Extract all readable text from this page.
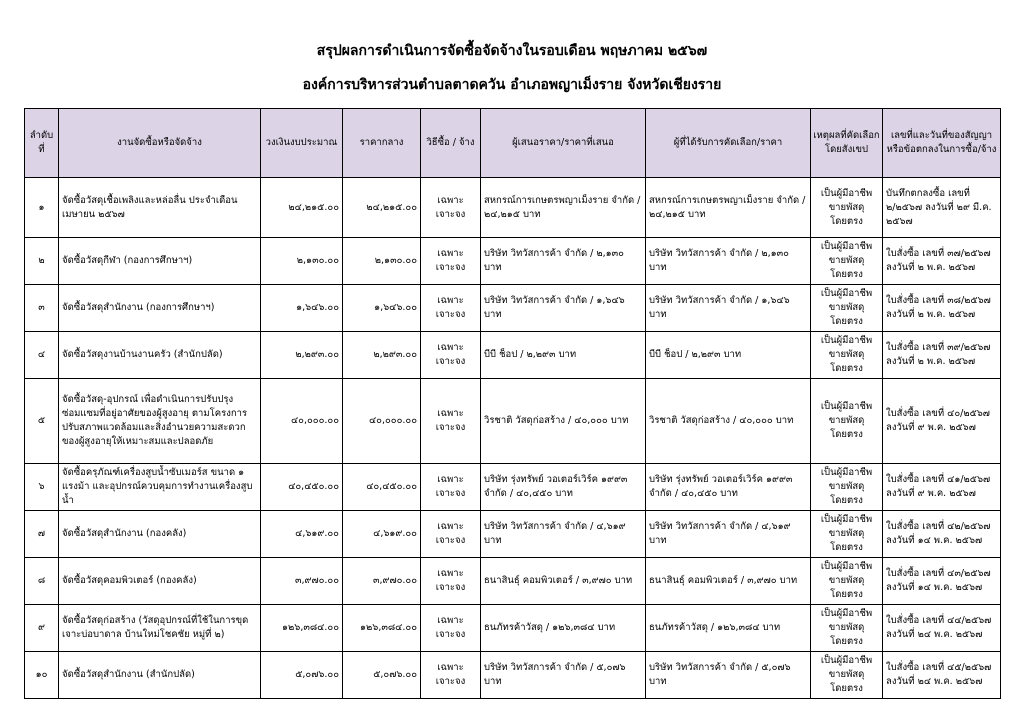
สรุปผลการดำเนินการจัดซื้อจัดจ้างในรอบเดือน พฤษภาคม ๒๕๖๗
องค์การบริหารส่วนตำบลตาดควัน อำเภอพญาเม็งราย จังหวัดเชียงราย
ลำดับที่	งานจัดซื้อหรือจัดจ้าง	วงเงินงบประมาณ	ราคากลาง	วิธีซื้อ / จ้าง	ผู้เสนอราคา/ราคาที่เสนอ	ผู้ที่ได้รับการคัดเลือก/ราคา	เหตุผลที่คัดเลือกโดยสังเขป	เลขที่และวันที่ของสัญญาหรือข้อตกลงในการซื้อ/จ้าง
๑	จัดซื้อวัสดุเชื้อเพลิงและหล่อลื่น ประจำเดือน เมษายน ๒๕๖๗	๒๔,๒๑๕.๐๐	๒๔,๒๑๕.๐๐	เฉพาะเจาะจง	สหกรณ์การเกษตรพญาเม็งราย จำกัด / ๒๔,๒๑๕ บาท	สหกรณ์การเกษตรพญาเม็งราย จำกัด / ๒๔,๒๑๕ บาท	เป็นผู้มีอาชีพขายพัสดุโดยตรง	บันทึกตกลงซื้อ เลขที่ ๒/๒๕๖๗ ลงวันที่ ๒๙ มี.ค. ๒๕๖๗
๒	จัดซื้อวัสดุกีฬา (กองการศึกษาฯ)	๒,๑๓๐.๐๐	๒,๑๓๐.๐๐	เฉพาะเจาะจง	บริษัท วิทวัสการค้า จำกัด / ๒,๑๓๐ บาท	บริษัท วิทวัสการค้า จำกัด / ๒,๑๓๐ บาท	เป็นผู้มีอาชีพขายพัสดุโดยตรง	ใบสั่งซื้อ เลขที่ ๓๗/๒๕๖๗ ลงวันที่ ๒ พ.ค. ๒๕๖๗
๓	จัดซื้อวัสดุสำนักงาน (กองการศึกษาฯ)	๑,๖๔๖.๐๐	๑,๖๔๖.๐๐	เฉพาะเจาะจง	บริษัท วิทวัสการค้า จำกัด / ๑,๖๔๖ บาท	บริษัท วิทวัสการค้า จำกัด / ๑,๖๔๖ บาท	เป็นผู้มีอาชีพขายพัสดุโดยตรง	ใบสั่งซื้อ เลขที่ ๓๘/๒๕๖๗ ลงวันที่ ๒ พ.ค. ๒๕๖๗
๔	จัดซื้อวัสดุงานบ้านงานครัว (สำนักปลัด)	๒,๒๙๓.๐๐	๒,๒๙๓.๐๐	เฉพาะเจาะจง	บีบี ช็อป / ๒,๒๙๓ บาท	บีบี ช็อป / ๒,๒๙๓ บาท	เป็นผู้มีอาชีพขายพัสดุโดยตรง	ใบสั่งซื้อ เลขที่ ๓๙/๒๕๖๗ ลงวันที่ ๒ พ.ค. ๒๕๖๗
๕	จัดซื้อวัสดุ-อุปกรณ์ เพื่อดำเนินการปรับปรุงซ่อมแซมที่อยู่อาศัยของผู้สูงอายุ ตามโครงการปรับสภาพแวดล้อมและสิ่งอำนวยความสะดวกของผู้สูงอายุให้เหมาะสมและปลอดภัย	๔๐,๐๐๐.๐๐	๔๐,๐๐๐.๐๐	เฉพาะเจาะจง	วิรชาติ วัสดุก่อสร้าง / ๔๐,๐๐๐ บาท	วิรชาติ วัสดุก่อสร้าง / ๔๐,๐๐๐ บาท	เป็นผู้มีอาชีพขายพัสดุโดยตรง	ใบสั่งซื้อ เลขที่ ๔๐/๒๕๖๗ ลงวันที่ ๙ พ.ค. ๒๕๖๗
๖	จัดซื้อครุภัณฑ์เครื่องสูบน้ำซับเมอร์ส ขนาด ๑ แรงม้า และอุปกรณ์ควบคุมการทำงานเครื่องสูบน้ำ	๔๐,๔๕๐.๐๐	๔๐,๔๕๐.๐๐	เฉพาะเจาะจง	บริษัท รุ่งทรัพย์ วอเตอร์เวิร์ค ๑๙๙๓ จำกัด / ๔๐,๔๕๐ บาท	บริษัท รุ่งทรัพย์ วอเตอร์เวิร์ค ๑๙๙๓ จำกัด / ๔๐,๔๕๐ บาท	เป็นผู้มีอาชีพขายพัสดุโดยตรง	ใบสั่งซื้อ เลขที่ ๔๑/๒๕๖๗ ลงวันที่ ๙ พ.ค. ๒๕๖๗
๗	จัดซื้อวัสดุสำนักงาน (กองคลัง)	๔,๖๑๙.๐๐	๔,๖๑๙.๐๐	เฉพาะเจาะจง	บริษัท วิทวัสการค้า จำกัด / ๔,๖๑๙ บาท	บริษัท วิทวัสการค้า จำกัด / ๔,๖๑๙ บาท	เป็นผู้มีอาชีพขายพัสดุโดยตรง	ใบสั่งซื้อ เลขที่ ๔๒/๒๕๖๗ ลงวันที่ ๑๔ พ.ค. ๒๕๖๗
๘	จัดซื้อวัสดุคอมพิวเตอร์ (กองคลัง)	๓,๙๗๐.๐๐	๓,๙๗๐.๐๐	เฉพาะเจาะจง	ธนาสินธุ์ คอมพิวเตอร์ / ๓,๙๗๐ บาท	ธนาสินธุ์ คอมพิวเตอร์ / ๓,๙๗๐ บาท	เป็นผู้มีอาชีพขายพัสดุโดยตรง	ใบสั่งซื้อ เลขที่ ๔๓/๒๕๖๗ ลงวันที่ ๑๔ พ.ค. ๒๕๖๗
๙	จัดซื้อวัสดุก่อสร้าง (วัสดุอุปกรณ์ที่ใช้ในการขุดเจาะบ่อบาดาล บ้านใหม่โชคชัย หมู่ที่ ๒)	๑๒๖,๓๘๔.๐๐	๑๒๖,๓๘๔.๐๐	เฉพาะเจาะจง	ธนภัทรค้าวัสดุ / ๑๒๖,๓๘๔ บาท	ธนภัทรค้าวัสดุ / ๑๒๖,๓๘๔ บาท	เป็นผู้มีอาชีพขายพัสดุโดยตรง	ใบสั่งซื้อ เลขที่ ๔๔/๒๕๖๗ ลงวันที่ ๒๔ พ.ค. ๒๕๖๗
๑๐	จัดซื้อวัสดุสำนักงาน (สำนักปลัด)	๕,๐๗๖.๐๐	๕,๐๗๖.๐๐	เฉพาะเจาะจง	บริษัท วิทวัสการค้า จำกัด / ๕,๐๗๖ บาท	บริษัท วิทวัสการค้า จำกัด / ๕,๐๗๖ บาท	เป็นผู้มีอาชีพขายพัสดุโดยตรง	ใบสั่งซื้อ เลขที่ ๔๕/๒๕๖๗ ลงวันที่ ๒๔ พ.ค. ๒๕๖๗
